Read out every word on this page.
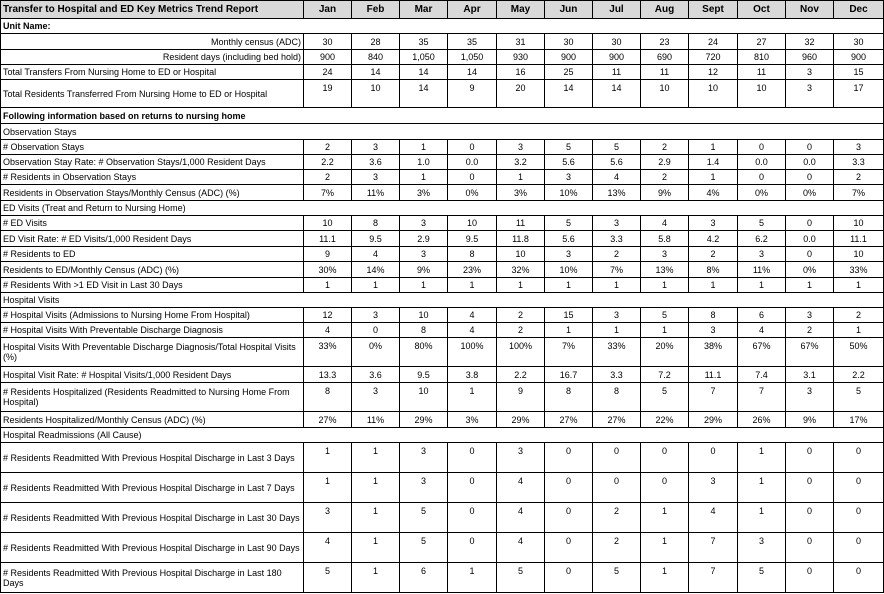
Transfer to Hospital and ED Key Metrics Trend Report	Jan	Feb	Mar	Apr	May	Jun	Jul	Aug	Sept	Oct	Nov	Dec
Unit Name:												
Monthly census (ADC)	30	28	35	35	31	30	30	23	24	27	32	30
Resident days (including bed hold)	900	840	1,050	1,050	930	900	900	690	720	810	960	900
Total Transfers From Nursing Home to ED or Hospital	24	14	14	14	16	25	11	11	12	11	3	15
Total Residents Transferred From Nursing Home to ED or Hospital	19	10	14	9	20	14	14	10	10	10	3	17
Following information based on returns to nursing home												
Observation Stays												
# Observation Stays	2	3	1	0	3	5	5	2	1	0	0	3
Observation Stay Rate: # Observation Stays/1,000 Resident Days	2.2	3.6	1.0	0.0	3.2	5.6	5.6	2.9	1.4	0.0	0.0	3.3
# Residents in Observation Stays	2	3	1	0	1	3	4	2	1	0	0	2
Residents in Observation Stays/Monthly Census (ADC) (%)	7%	11%	3%	0%	3%	10%	13%	9%	4%	0%	0%	7%
ED Visits (Treat and Return to Nursing Home)												
# ED Visits	10	8	3	10	11	5	3	4	3	5	0	10
ED Visit Rate: # ED Visits/1,000 Resident Days	11.1	9.5	2.9	9.5	11.8	5.6	3.3	5.8	4.2	6.2	0.0	11.1
# Residents to ED	9	4	3	8	10	3	2	3	2	3	0	10
Residents to ED/Monthly Census (ADC) (%)	30%	14%	9%	23%	32%	10%	7%	13%	8%	11%	0%	33%
# Residents With >1 ED Visit in Last 30 Days	1	1	1	1	1	1	1	1	1	1	1	1
Hospital Visits												
# Hospital Visits (Admissions to Nursing Home From Hospital)	12	3	10	4	2	15	3	5	8	6	3	2
# Hospital Visits With Preventable Discharge Diagnosis	4	0	8	4	2	1	1	1	3	4	2	1
Hospital Visits With Preventable Discharge Diagnosis/Total Hospital Visits (%)	33%	0%	80%	100%	100%	7%	33%	20%	38%	67%	67%	50%
Hospital Visit Rate: # Hospital Visits/1,000 Resident Days	13.3	3.6	9.5	3.8	2.2	16.7	3.3	7.2	11.1	7.4	3.1	2.2
# Residents Hospitalized (Residents Readmitted to Nursing Home From Hospital)	8	3	10	1	9	8	8	5	7	7	3	5
Residents Hospitalized/Monthly Census (ADC) (%)	27%	11%	29%	3%	29%	27%	27%	22%	29%	26%	9%	17%
Hospital Readmissions (All Cause)												
# Residents Readmitted With Previous Hospital Discharge in Last 3 Days	1	1	3	0	3	0	0	0	0	1	0	0
# Residents Readmitted With Previous Hospital Discharge in Last 7 Days	1	1	3	0	4	0	0	0	3	1	0	0
# Residents Readmitted With Previous Hospital Discharge in Last 30 Days	3	1	5	0	4	0	2	1	4	1	0	0
# Residents Readmitted With Previous Hospital Discharge in Last 90 Days	4	1	5	0	4	0	2	1	7	3	0	0
# Residents Readmitted With Previous Hospital Discharge in Last 180 Days	5	1	6	1	5	0	5	1	7	5	0	0
